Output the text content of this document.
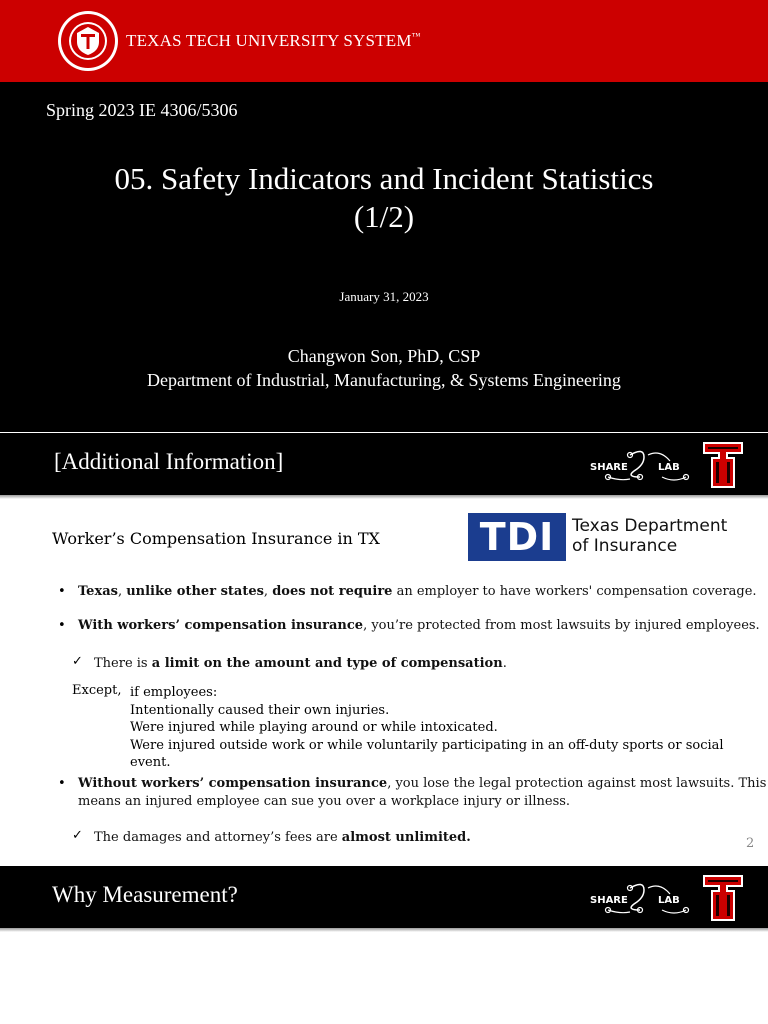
TEXAS TECH UNIVERSITY SYSTEM™
Spring 2023 IE 4306/5306
05. Safety Indicators and Incident Statistics
(1/2)
January 31, 2023
Changwon Son, PhD, CSP
Department of Industrial, Manufacturing, & Systems Engineering
[Additional Information]	SHARE	LAB
Worker’s Compensation Insurance in TX	TDI	Texas Department
of Insurance
• Texas, unlike other states, does not require an employer to have workers' compensation coverage.
• With workers’ compensation insurance, you’re protected from most lawsuits by injured employees.
✓ There is a limit on the amount and type of compensation.
Except, if employees:
Intentionally caused their own injuries.
Were injured while playing around or while intoxicated.
Were injured outside work or while voluntarily participating in an off-duty sports or social event.
• Without workers’ compensation insurance, you lose the legal protection against most lawsuits. This
means an injured employee can sue you over a workplace injury or illness.
✓ The damages and attorney’s fees are almost unlimited.	2
Why Measurement?	SHARE	LAB
